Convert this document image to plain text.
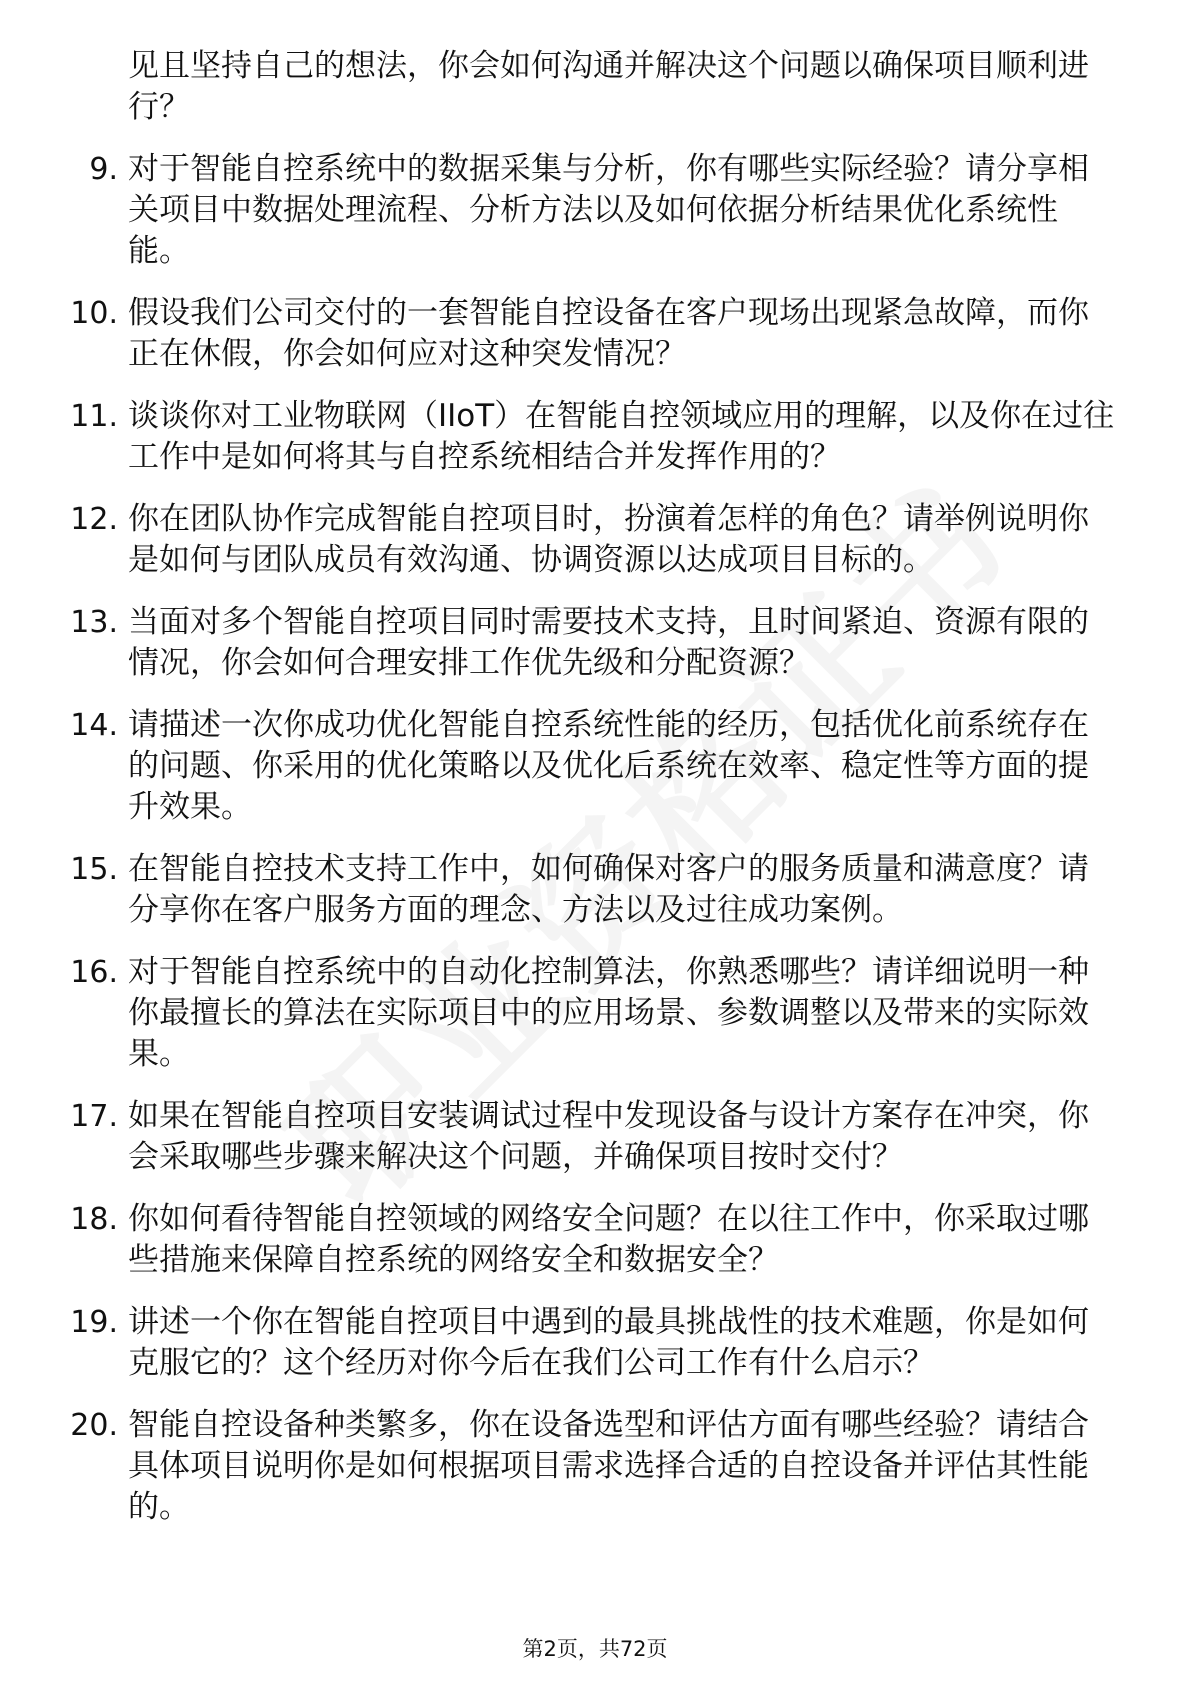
见且坚持自己的想法，你会如何沟通并解决这个问题以确保项目顺利进行？
9. 对于智能自控系统中的数据采集与分析，你有哪些实际经验？请分享相关项目中数据处理流程、分析方法以及如何依据分析结果优化系统性能。
10. 假设我们公司交付的一套智能自控设备在客户现场出现紧急故障，而你正在休假，你会如何应对这种突发情况？
11. 谈谈你对工业物联网（IIoT）在智能自控领域应用的理解，以及你在过往工作中是如何将其与自控系统相结合并发挥作用的？
12. 你在团队协作完成智能自控项目时，扮演着怎样的角色？请举例说明你是如何与团队成员有效沟通、协调资源以达成项目目标的。
13. 当面对多个智能自控项目同时需要技术支持，且时间紧迫、资源有限的情况，你会如何合理安排工作优先级和分配资源？
14. 请描述一次你成功优化智能自控系统性能的经历，包括优化前系统存在的问题、你采用的优化策略以及优化后系统在效率、稳定性等方面的提升效果。
15. 在智能自控技术支持工作中，如何确保对客户的服务质量和满意度？请分享你在客户服务方面的理念、方法以及过往成功案例。
16. 对于智能自控系统中的自动化控制算法，你熟悉哪些？请详细说明一种你最擅长的算法在实际项目中的应用场景、参数调整以及带来的实际效果。
17. 如果在智能自控项目安装调试过程中发现设备与设计方案存在冲突，你会采取哪些步骤来解决这个问题，并确保项目按时交付？
18. 你如何看待智能自控领域的网络安全问题？在以往工作中，你采取过哪些措施来保障自控系统的网络安全和数据安全？
19. 讲述一个你在智能自控项目中遇到的最具挑战性的技术难题，你是如何克服它的？这个经历对你今后在我们公司工作有什么启示？
20. 智能自控设备种类繁多，你在设备选型和评估方面有哪些经验？请结合具体项目说明你是如何根据项目需求选择合适的自控设备并评估其性能的。
第2页，共72页
